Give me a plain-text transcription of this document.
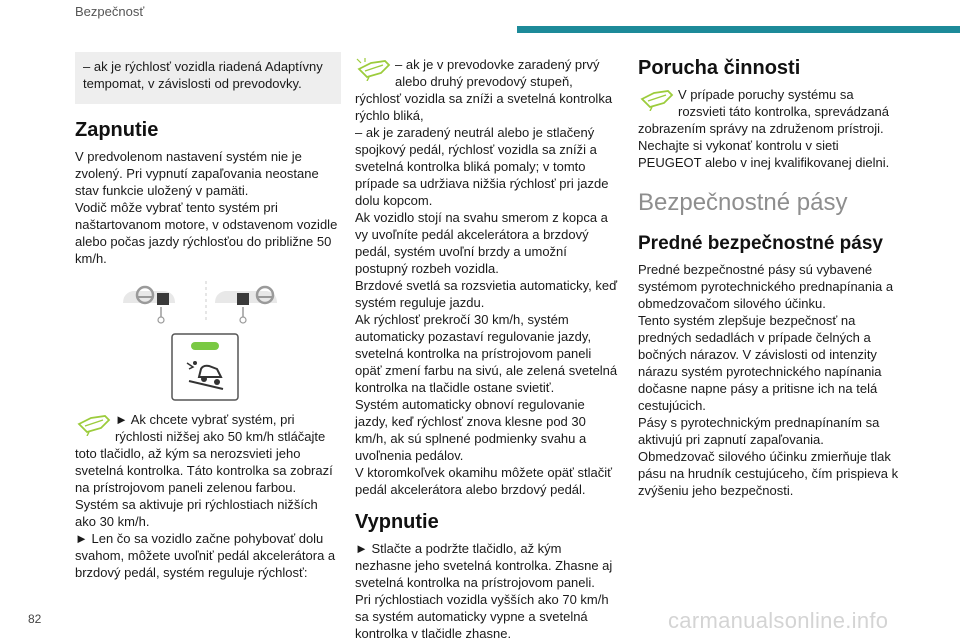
Bezpečnosť

– ak je rýchlosť vozidla riadená Adaptívny tempomat, v závislosti od prevodovky.

Zapnutie

V predvolenom nastavení systém nie je zvolený. Pri vypnutí zapaľovania neostane stav funkcie uložený v pamäti.

Vodič môže vybrať tento systém pri naštartovanom motore, v odstavenom vozidle alebo počas jazdy rýchlosťou do približne 50 km/h.

► Ak chcete vybrať systém, pri rýchlosti nižšej ako 50 km/h stláčajte toto tlačidlo, až kým sa nerozsvieti jeho svetelná kontrolka. Táto kontrolka sa zobrazí na prístrojovom paneli zelenou farbou.

Systém sa aktivuje pri rýchlostiach nižších ako 30 km/h.

► Len čo sa vozidlo začne pohybovať dolu svahom, môžete uvoľniť pedál akcelerátora a brzdový pedál, systém reguluje rýchlosť:

– ak je v prevodovke zaradený prvý alebo druhý prevodový stupeň, rýchlosť vozidla sa zníži a svetelná kontrolka rýchlo bliká,

– ak je zaradený neutrál alebo je stlačený spojkový pedál, rýchlosť vozidla sa zníži a svetelná kontrolka bliká pomaly; v tomto prípade sa udržiava nižšia rýchlosť pri jazde dolu kopcom.

Ak vozidlo stojí na svahu smerom z kopca a vy uvoľníte pedál akcelerátora a brzdový pedál, systém uvoľní brzdy a umožní postupný rozbeh vozidla.

Brzdové svetlá sa rozsvietia automaticky, keď systém reguluje jazdu.

Ak rýchlosť prekročí 30 km/h, systém automaticky pozastaví regulovanie jazdy, svetelná kontrolka na prístrojovom paneli opäť zmení farbu na sivú, ale zelená svetelná kontrolka na tlačidle ostane svietiť.

Systém automaticky obnoví regulovanie jazdy, keď rýchlosť znova klesne pod 30 km/h, ak sú splnené podmienky svahu a uvoľnenia pedálov.

V ktoromkoľvek okamihu môžete opäť stlačiť pedál akcelerátora alebo brzdový pedál.

Vypnutie

► Stlačte a podržte tlačidlo, až kým nezhasne jeho svetelná kontrolka. Zhasne aj svetelná kontrolka na prístrojovom paneli.

Pri rýchlostiach vozidla vyšších ako 70 km/h sa systém automaticky vypne a svetelná kontrolka v tlačidle zhasne.

Porucha činnosti

V prípade poruchy systému sa rozsvieti táto kontrolka, sprevádzaná zobrazením správy na združenom prístroji.

Nechajte si vykonať kontrolu v sieti PEUGEOT alebo v inej kvalifikovanej dielni.

Bezpečnostné pásy
Predné bezpečnostné pásy

Predné bezpečnostné pásy sú vybavené systémom pyrotechnického prednapínania a obmedzovačom silového účinku.

Tento systém zlepšuje bezpečnosť na predných sedadlách v prípade čelných a bočných nárazov. V závislosti od intenzity nárazu systém pyrotechnického napínania dočasne napne pásy a pritisne ich na telá cestujúcich.

Pásy s pyrotechnickým prednapínaním sa aktivujú pri zapnutí zapaľovania.

Obmedzovač silového účinku zmierňuje tlak pásu na hrudník cestujúceho, čím prispieva k zvýšeniu jeho bezpečnosti.

82	carmanualsonline.info
